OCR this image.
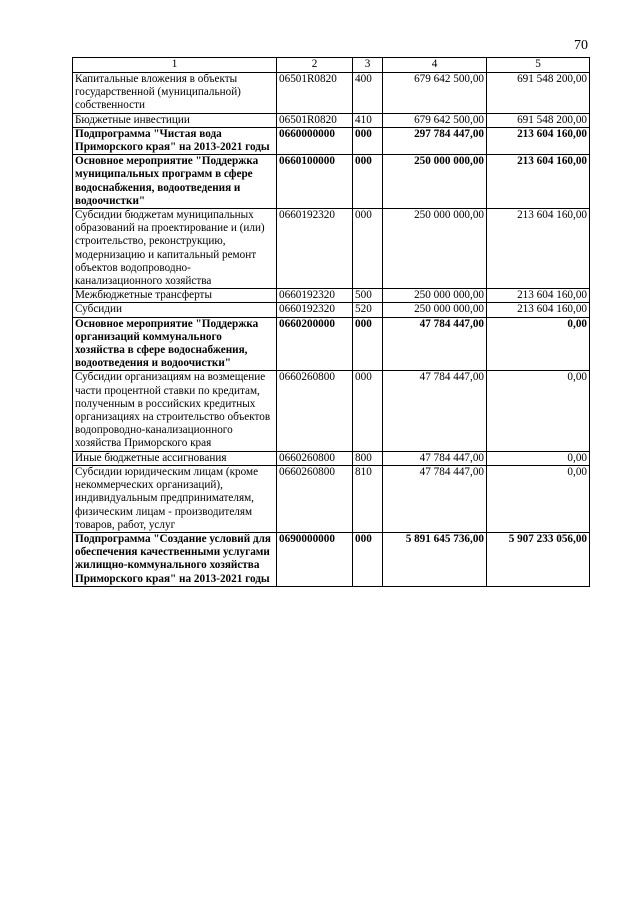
70
1	2	3	4	5
Капитальные вложения в объекты государственной (муниципальной) собственности	06501R0820	400	679 642 500,00	691 548 200,00
Бюджетные инвестиции	06501R0820	410	679 642 500,00	691 548 200,00
Подпрограмма "Чистая вода Приморского края" на 2013-2021 годы	0660000000	000	297 784 447,00	213 604 160,00
Основное мероприятие "Поддержка муниципальных программ в сфере водоснабжения, водоотведения и водоочистки"	0660100000	000	250 000 000,00	213 604 160,00
Субсидии бюджетам муниципальных образований на проектирование и (или) строительство, реконструкцию, модернизацию и капитальный ремонт объектов водопроводно-канализационного хозяйства	0660192320	000	250 000 000,00	213 604 160,00
Межбюджетные трансферты	0660192320	500	250 000 000,00	213 604 160,00
Субсидии	0660192320	520	250 000 000,00	213 604 160,00
Основное мероприятие "Поддержка организаций коммунального хозяйства в сфере водоснабжения, водоотведения и водоочистки"	0660200000	000	47 784 447,00	0,00
Субсидии организациям на возмещение части процентной ставки по кредитам, полученным в российских кредитных организациях на строительство объектов водопроводно-канализационного хозяйства Приморского края	0660260800	000	47 784 447,00	0,00
Иные бюджетные ассигнования	0660260800	800	47 784 447,00	0,00
Субсидии юридическим лицам (кроме некоммерческих организаций), индивидуальным предпринимателям, физическим лицам - производителям товаров, работ, услуг	0660260800	810	47 784 447,00	0,00
Подпрограмма "Создание условий для обеспечения качественными услугами жилищно-коммунального хозяйства Приморского края" на 2013-2021 годы	0690000000	000	5 891 645 736,00	5 907 233 056,00
